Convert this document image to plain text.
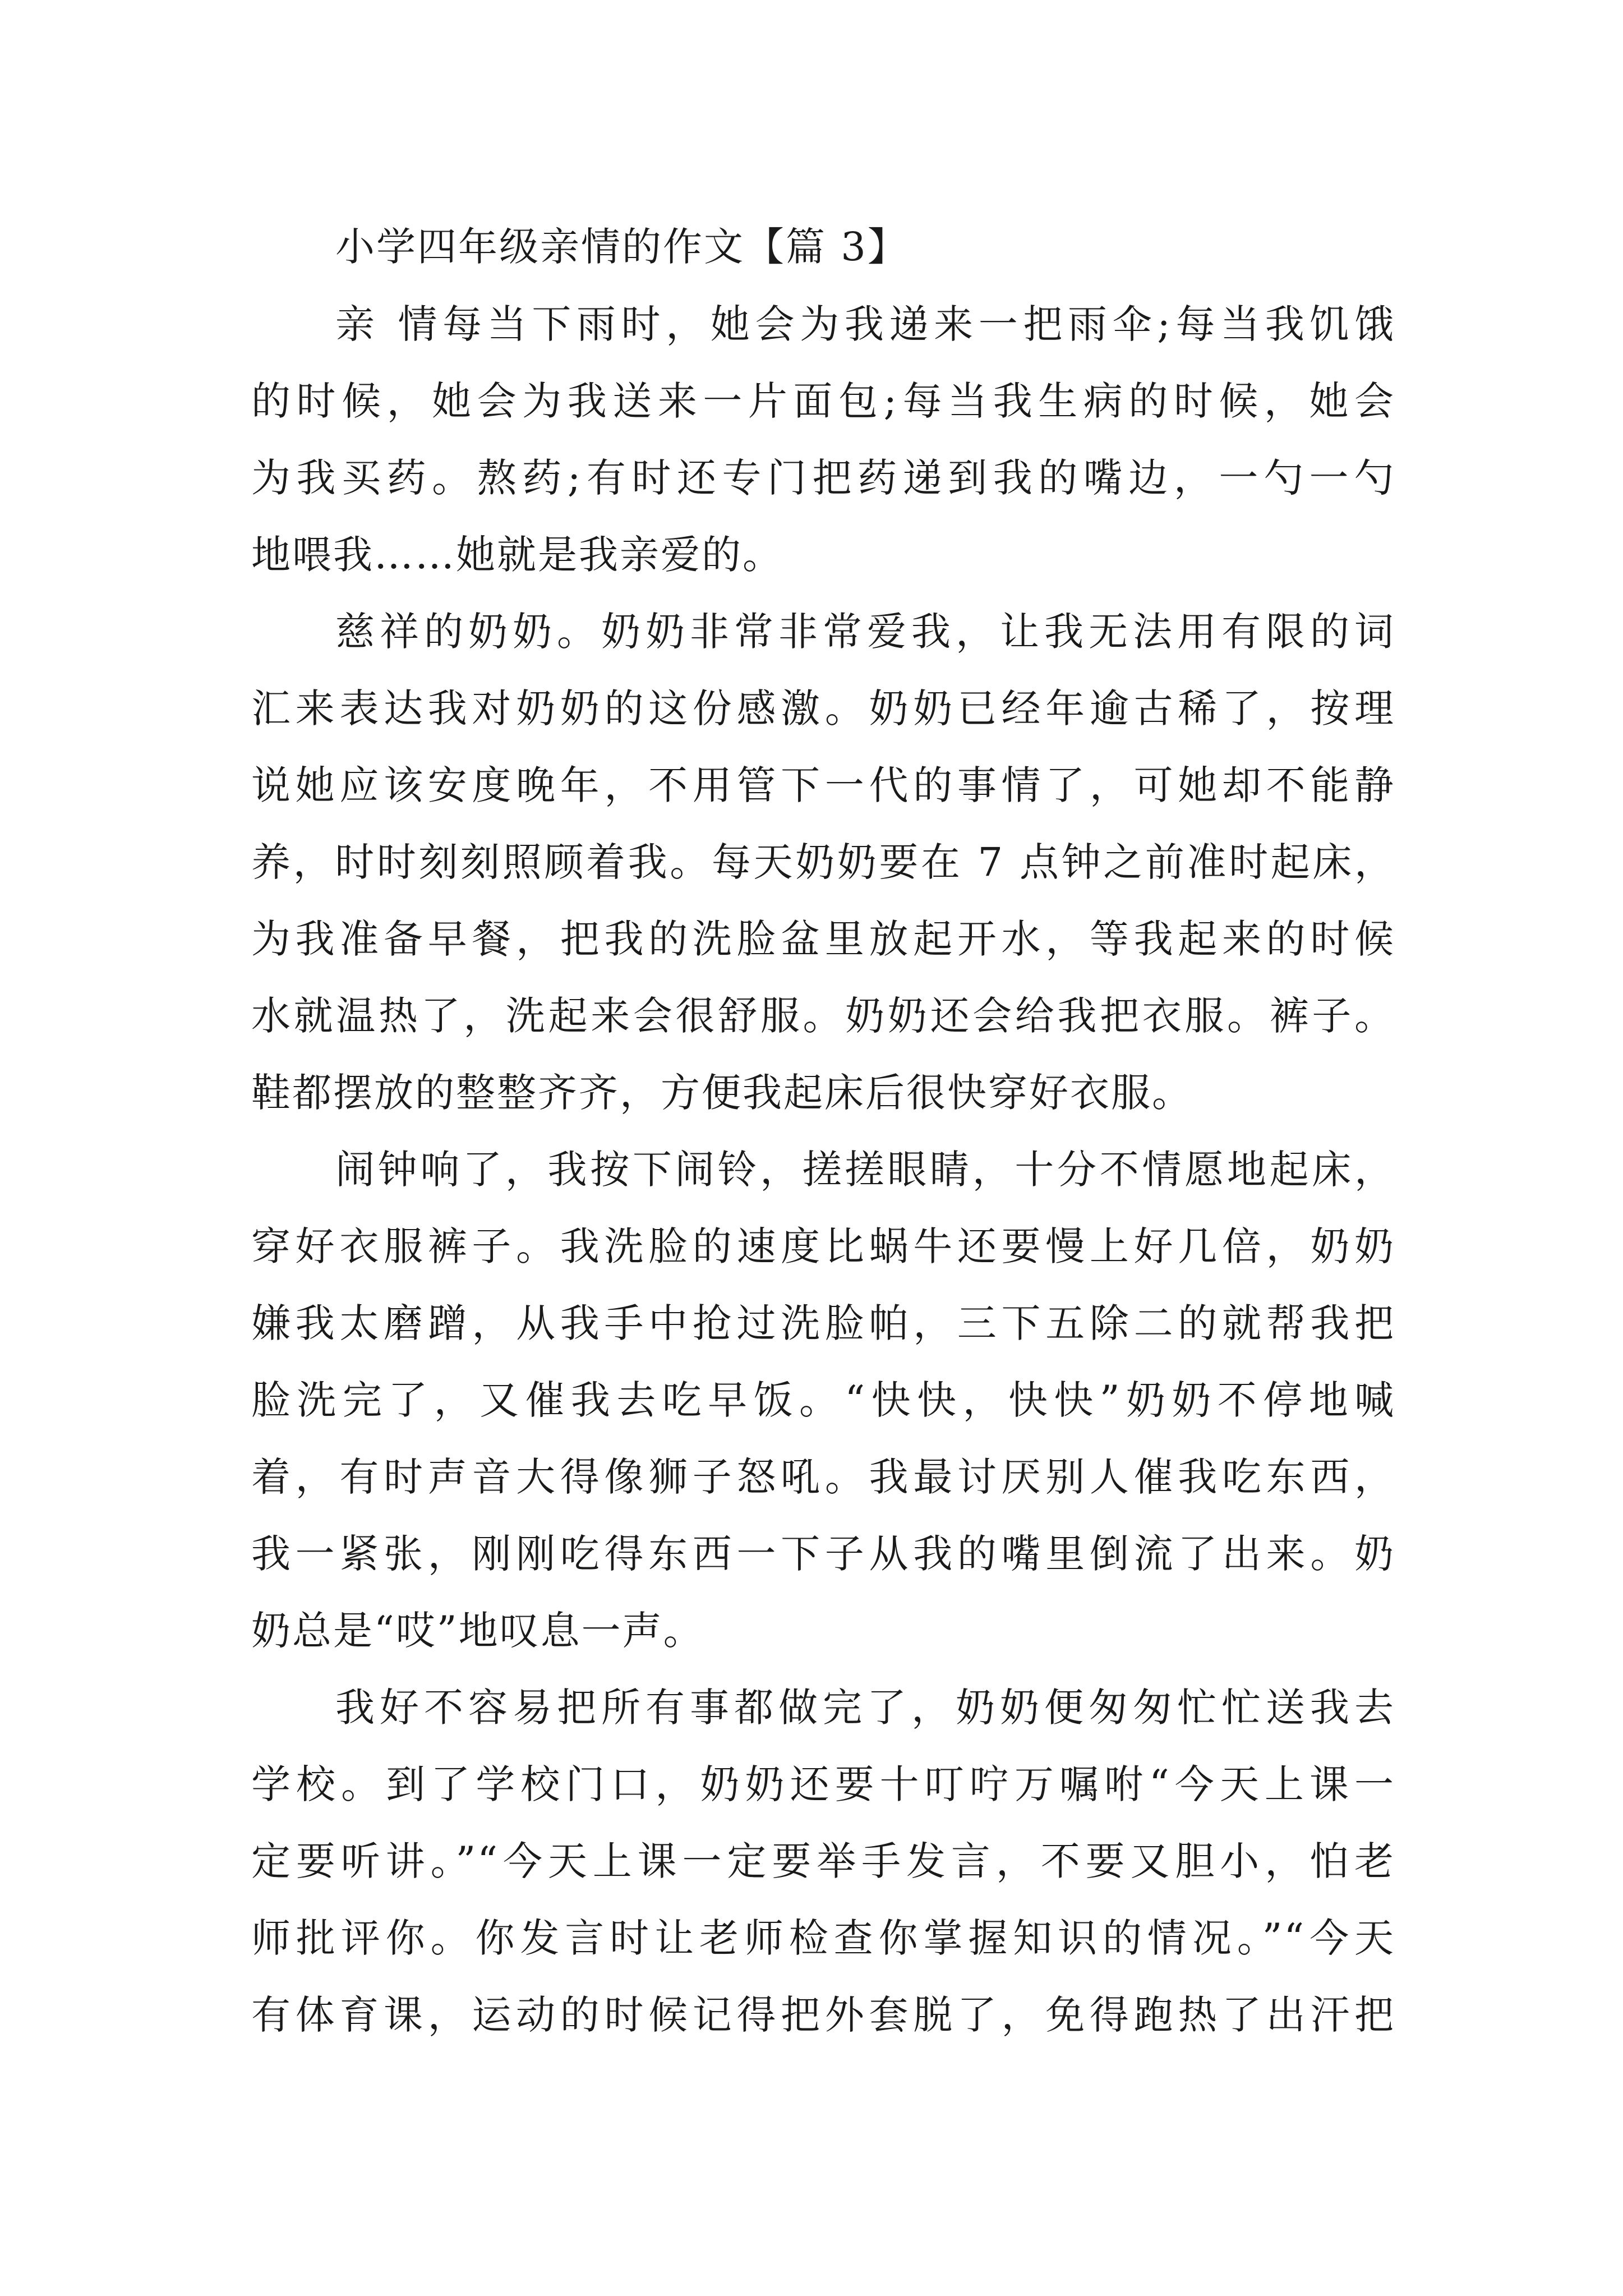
小学四年级亲情的作文【篇 3】
亲 情每当下雨时，她会为我递来一把雨伞;每当我饥饿
的时候，她会为我送来一片面包;每当我生病的时候，她会
为我买药。熬药;有时还专门把药递到我的嘴边，一勺一勺
地喂我……她就是我亲爱的。
慈祥的奶奶。奶奶非常非常爱我，让我无法用有限的词
汇来表达我对奶奶的这份感激。奶奶已经年逾古稀了，按理
说她应该安度晚年，不用管下一代的事情了，可她却不能静
养，时时刻刻照顾着我。每天奶奶要在 7 点钟之前准时起床，
为我准备早餐，把我的洗脸盆里放起开水，等我起来的时候
水就温热了，洗起来会很舒服。奶奶还会给我把衣服。裤子。
鞋都摆放的整整齐齐，方便我起床后很快穿好衣服。
闹钟响了，我按下闹铃，搓搓眼睛，十分不情愿地起床，
穿好衣服裤子。我洗脸的速度比蜗牛还要慢上好几倍，奶奶
嫌我太磨蹭，从我手中抢过洗脸帕，三下五除二的就帮我把
脸洗完了，又催我去吃早饭。“快快，快快”奶奶不停地喊
着，有时声音大得像狮子怒吼。我最讨厌别人催我吃东西，
我一紧张，刚刚吃得东西一下子从我的嘴里倒流了出来。奶
奶总是“哎”地叹息一声。
我好不容易把所有事都做完了，奶奶便匆匆忙忙送我去
学校。到了学校门口，奶奶还要十叮咛万嘱咐“今天上课一
定要听讲。”“今天上课一定要举手发言，不要又胆小，怕老
师批评你。你发言时让老师检查你掌握知识的情况。”“今天
有体育课，运动的时候记得把外套脱了，免得跑热了出汗把
